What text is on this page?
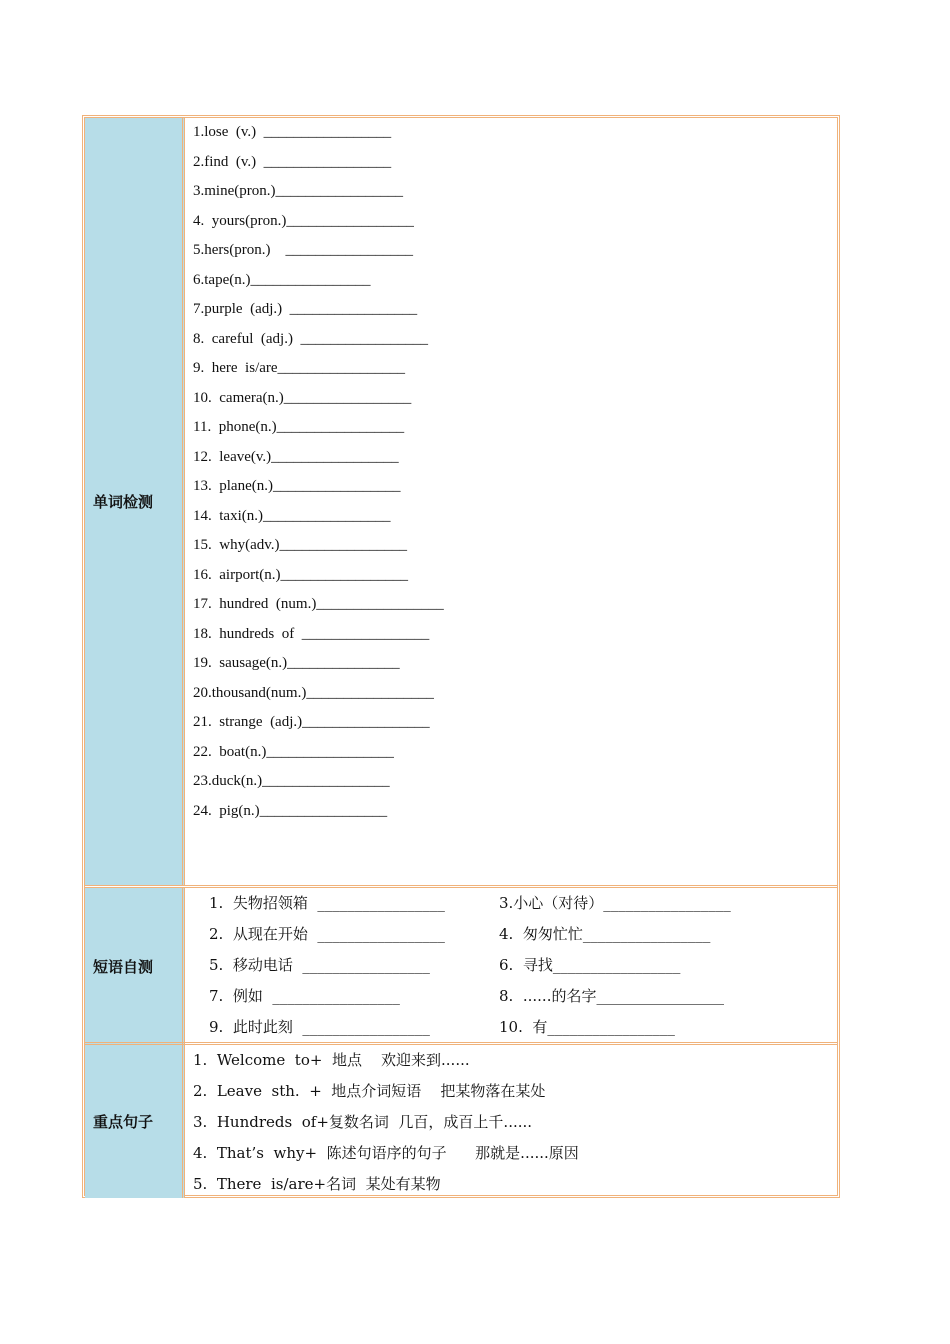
单词检测
1.lose  (v.)  _________________
2.find  (v.)  _________________
3.mine(pron.)_________________
4.  yours(pron.)_________________
5.hers(pron.)    _________________
6.tape(n.)________________
7.purple  (adj.)  _________________
8.  careful  (adj.)  _________________
9.  here  is/are_________________
10.  camera(n.)_________________
11.  phone(n.)_________________
12.  leave(v.)_________________
13.  plane(n.)_________________
14.  taxi(n.)_________________
15.  why(adv.)_________________
16.  airport(n.)_________________
17.  hundred  (num.)_________________
18.  hundreds  of  _________________
19.  sausage(n.)_______________
20.thousand(num.)_________________
21.  strange  (adj.)_________________
22.  boat(n.)_________________
23.duck(n.)_________________
24.  pig(n.)_________________
短语自测
1.  失物招领箱  _________________	3.小心（对待）_________________
2.  从现在开始  _________________	4.  匆匆忙忙_________________
5.  移动电话  _________________	6.  寻找_________________
7.  例如  _________________	8.  ......的名字_________________
9.  此时此刻  _________________	10.  有_________________
重点句子
1.  Welcome  to+  地点    欢迎来到......
2.  Leave  sth.  +  地点介词短语    把某物落在某处
3.  Hundreds  of+复数名词  几百，成百上千......
4.  That’s  why+  陈述句语序的句子      那就是......原因
5.  There  is/are+名词  某处有某物
